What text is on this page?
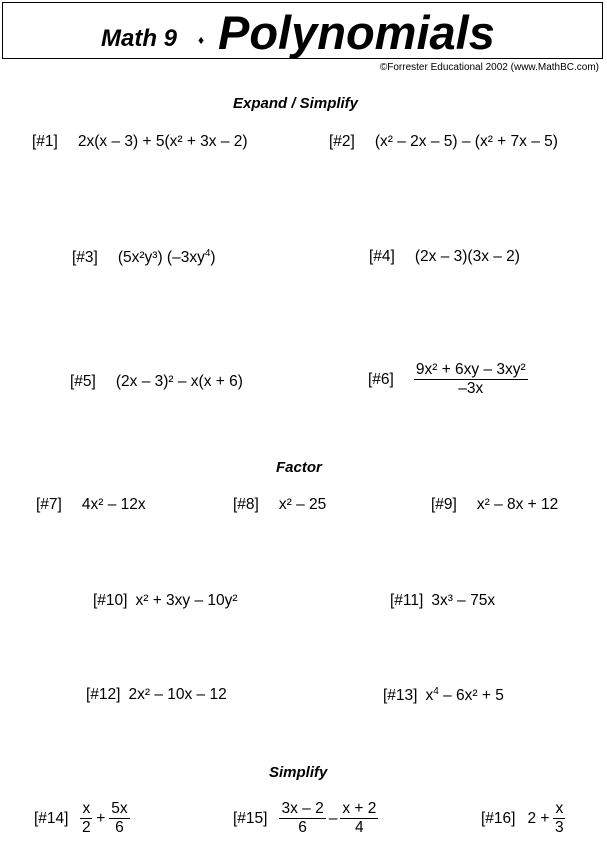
Math 9 ♦ Polynomials
©Forrester Educational 2002 (www.MathBC.com)
Expand / Simplify
[#1] 2x(x – 3) + 5(x² + 3x – 2)	[#2] (x² – 2x – 5) – (x² + 7x – 5)
[#3] (5x²y³) $(-3xy^4)$	[#4] (2x – 3)(3x – 2)
[#5] (2x – 3)² – x(x + 6)	[#6] $\frac{\text{9x² + 6xy – 3xy²}}{-3x}$
Factor
[#7] 4x² – 12x	[#8] x² – 25	[#9] x² – 8x + 12
[#10] x² + 3xy – 10y²	[#11] 3x³ – 75x
[#12] 2x² – 10x – 12	[#13] $x^4 - 6x^2 + 5$
Simplify
[#14] $\frac{x}{2} + \frac{5x}{6}$	[#15] $\frac{3x - 2}{6} - \frac{x + 2}{4}$	[#16] $2 + \frac{x}{3}$
